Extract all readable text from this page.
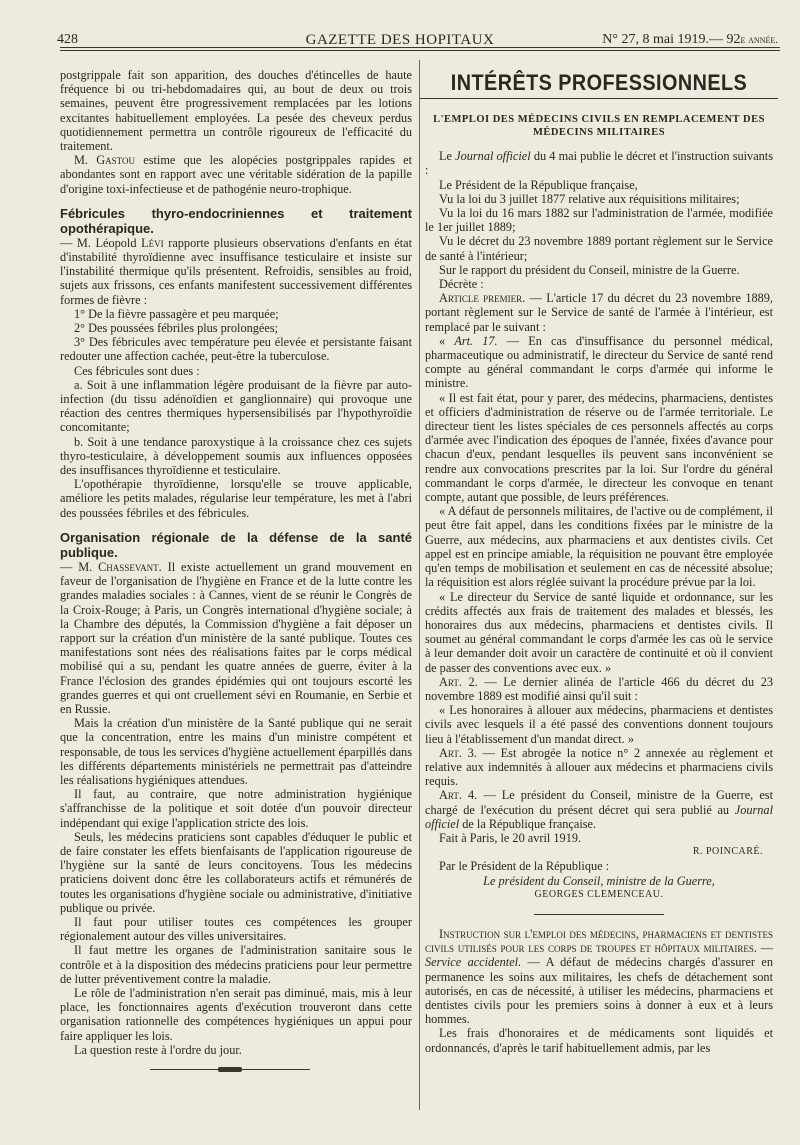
428	GAZETTE DES HOPITAUX	N° 27, 8 mai 1919.— 92e année.

postgrippale fait son apparition, des douches d'étincelles de haute fréquence bi ou tri-hebdomadaires qui, au bout de deux ou trois semaines, peuvent être progressivement remplacées par les lotions excitantes habituellement employées. La pesée des cheveux perdus quotidiennement permettra un contrôle rigoureux de l'efficacité du traitement.

M. Gastou estime que les alopécies postgrippales rapides et abondantes sont en rapport avec une véritable sidération de la papille d'origine toxi-infectieuse et de pathogénie neuro-trophique.

Fébricules thyro-endocriniennes et traitement opothérapique.

— M. Léopold Lévi rapporte plusieurs observations d'enfants en état d'instabilité thyroïdienne avec insuffisance testiculaire et insiste sur l'instabilité thermique qu'ils présentent. Refroidis, sensibles au froid, sujets aux frissons, ces enfants manifestent successivement différentes formes de fièvre :

1° De la fièvre passagère et peu marquée;

2° Des poussées fébriles plus prolongées;

3° Des fébricules avec température peu élevée et persistante faisant redouter une affection cachée, peut-être la tuberculose.

Ces fébricules sont dues :

a. Soit à une inflammation légère produisant de la fièvre par auto-infection (du tissu adénoïdien et ganglionnaire) qui provoque une réaction des centres thermiques hypersensibilisés par l'hypothyroïdie concomitante;

b. Soit à une tendance paroxystique à la croissance chez ces sujets thyro-testiculaire, à développement soumis aux influences opposées des insuffisances thyroïdienne et testiculaire.

L'opothérapie thyroïdienne, lorsqu'elle se trouve applicable, améliore les petits malades, régularise leur température, les met à l'abri des poussées fébriles et des fébricules.

Organisation régionale de la défense de la santé publique.

— M. Chassevant. Il existe actuellement un grand mouvement en faveur de l'organisation de l'hygiène en France et de la lutte contre les grandes maladies sociales : à Cannes, vient de se réunir le Congrès de la Croix-Rouge; à Paris, un Congrès international d'hygiène sociale; à la Chambre des députés, la Commission d'hygiène a fait déposer un rapport sur la création d'un ministère de la santé publique. Toutes ces manifestations sont nées des réalisations faites par le corps médical mobilisé qui a su, pendant les quatre années de guerre, éviter à la France l'éclosion des grandes épidémies qui ont toujours escorté les grandes guerres et qui ont cruellement sévi en Roumanie, en Serbie et en Russie.

Mais la création d'un ministère de la Santé publique qui ne serait que la concentration, entre les mains d'un ministre compétent et responsable, de tous les services d'hygiène actuellement éparpillés dans les différents départements ministériels ne permettrait pas d'atteindre les réalisations hygiéniques attendues.

Il faut, au contraire, que notre administration hygiénique s'affranchisse de la politique et soit dotée d'un pouvoir directeur indépendant qui exige l'application stricte des lois.

Seuls, les médecins praticiens sont capables d'éduquer le public et de faire constater les effets bienfaisants de l'application rigoureuse de l'hygiène sur la santé de leurs concitoyens. Tous les médecins praticiens doivent donc être les collaborateurs actifs et rémunérés de toutes les organisations d'hygiène sociale ou administrative, d'initiative publique ou privée.

Il faut pour utiliser toutes ces compétences les grouper régionalement autour des villes universitaires.

Il faut mettre les organes de l'administration sanitaire sous le contrôle et à la disposition des médecins praticiens pour leur permettre de lutter préventivement contre la maladie.

Le rôle de l'administration n'en serait pas diminué, mais, mis à leur place, les fonctionnaires agents d'exécution trouveront dans cette organisation rationnelle des compétences hygiéniques un appui pour faire appliquer les lois.

La question reste à l'ordre du jour.

INTÉRÊTS PROFESSIONNELS
L'EMPLOI DES MÉDECINS CIVILS EN REMPLACEMENT DES MÉDECINS MILITAIRES

Le Journal officiel du 4 mai publie le décret et l'instruction suivants :

Le Président de la République française,

Vu la loi du 3 juillet 1877 relative aux réquisitions militaires;

Vu la loi du 16 mars 1882 sur l'administration de l'armée, modifiée le 1er juillet 1889;

Vu le décret du 23 novembre 1889 portant règlement sur le Service de santé à l'intérieur;

Sur le rapport du président du Conseil, ministre de la Guerre.

Décrète :

Article premier. — L'article 17 du décret du 23 novembre 1889, portant règlement sur le Service de santé de l'armée à l'intérieur, est remplacé par le suivant :

« Art. 17. — En cas d'insuffisance du personnel médical, pharmaceutique ou administratif, le directeur du Service de santé rend compte au général commandant le corps d'armée qui informe le ministre.

« Il est fait état, pour y parer, des médecins, pharmaciens, dentistes et officiers d'administration de réserve ou de l'armée territoriale. Le directeur tient les listes spéciales de ces personnels affectés au corps d'armée avec l'indication des époques de l'année, fixées d'avance pour chacun d'eux, pendant lesquelles ils peuvent sans inconvénient se rendre aux convocations prescrites par la loi. Sur l'ordre du général commandant le corps d'armée, le directeur les convoque en tenant compte, autant que possible, de leurs préférences.

« A défaut de personnels militaires, de l'active ou de complément, il peut être fait appel, dans les conditions fixées par le ministre de la Guerre, aux médecins, aux pharmaciens et aux dentistes civils. Cet appel est en principe amiable, la réquisition ne pouvant être employée qu'en temps de mobilisation et seulement en cas de nécessité absolue; la réquisition est alors réglée suivant la procédure prévue par la loi.

« Le directeur du Service de santé liquide et ordonnance, sur les crédits affectés aux frais de traitement des malades et blessés, les honoraires dus aux médecins, pharmaciens et dentistes civils. Il soumet au général commandant le corps d'armée les cas où le service à leur demander doit avoir un caractère de continuité et où il convient de passer des conventions avec eux. »

Art. 2. — Le dernier alinéa de l'article 466 du décret du 23 novembre 1889 est modifié ainsi qu'il suit :

« Les honoraires à allouer aux médecins, pharmaciens et dentistes civils avec lesquels il a été passé des conventions donnent toujours lieu à l'établissement d'un mandat direct. »

Art. 3. — Est abrogée la notice n° 2 annexée au règlement et relative aux indemnités à allouer aux médecins et pharmaciens civils requis.

Art. 4. — Le président du Conseil, ministre de la Guerre, est chargé de l'exécution du présent décret qui sera publié au Journal officiel de la République française.

Fait à Paris, le 20 avril 1919.

R. POINCARÉ.

Par le Président de la République :

Le président du Conseil, ministre de la Guerre,
GEORGES CLEMENCEAU.

Instruction sur l'emploi des médecins, pharmaciens et dentistes civils utilisés pour les corps de troupes et hôpitaux militaires. — Service accidentel. — A défaut de médecins chargés d'assurer en permanence les soins aux militaires, les chefs de détachement sont autorisés, en cas de nécessité, à utiliser les médecins, pharmaciens et dentistes civils pour les premiers soins à donner à eux et à leurs hommes.

Les frais d'honoraires et de médicaments sont liquidés et ordonnancés, d'après le tarif habituellement admis, par les
